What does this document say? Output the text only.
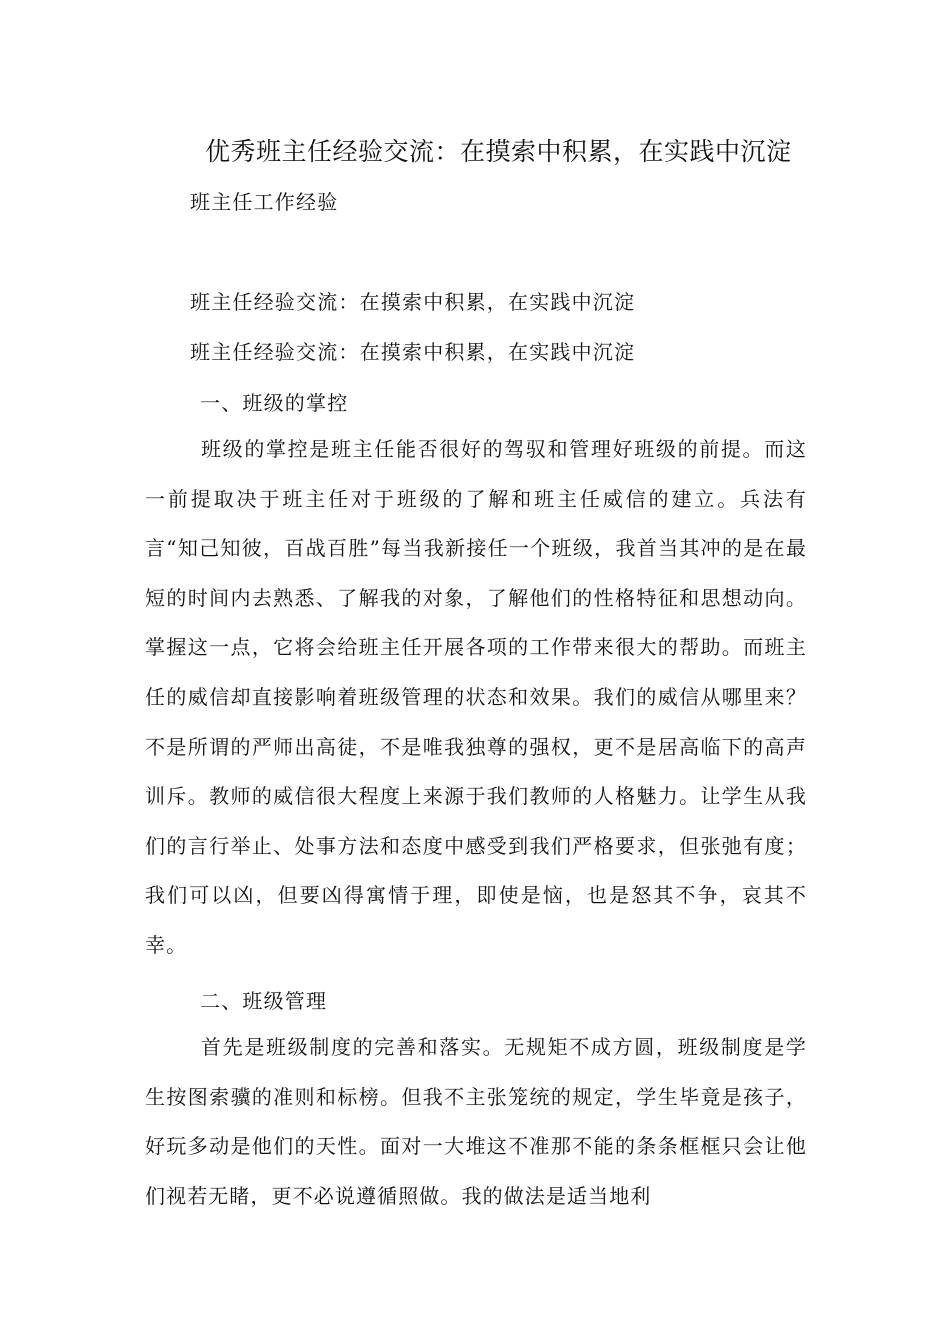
优秀班主任经验交流：在摸索中积累，在实践中沉淀
班主任工作经验
班主任经验交流：在摸索中积累，在实践中沉淀
班主任经验交流：在摸索中积累，在实践中沉淀
一、班级的掌控

班级的掌控是班主任能否很好的驾驭和管理好班级的前提。而这一前提取决于班主任对于班级的了解和班主任威信的建立。兵法有言“知己知彼，百战百胜”每当我新接任一个班级，我首当其冲的是在最短的时间内去熟悉、了解我的对象，了解他们的性格特征和思想动向。掌握这一点，它将会给班主任开展各项的工作带来很大的帮助。而班主任的威信却直接影响着班级管理的状态和效果。我们的威信从哪里来？不是所谓的严师出高徒，不是唯我独尊的强权，更不是居高临下的高声训斥。教师的威信很大程度上来源于我们教师的人格魅力。让学生从我们的言行举止、处事方法和态度中感受到我们严格要求，但张弛有度；我们可以凶，但要凶得寓情于理，即使是恼，也是怒其不争，哀其不幸。

二、班级管理

首先是班级制度的完善和落实。无规矩不成方圆，班级制度是学生按图索骥的准则和标榜。但我不主张笼统的规定，学生毕竟是孩子，好玩多动是他们的天性。面对一大堆这不准那不能的条条框框只会让他们视若无睹，更不必说遵循照做。我的做法是适当地利
